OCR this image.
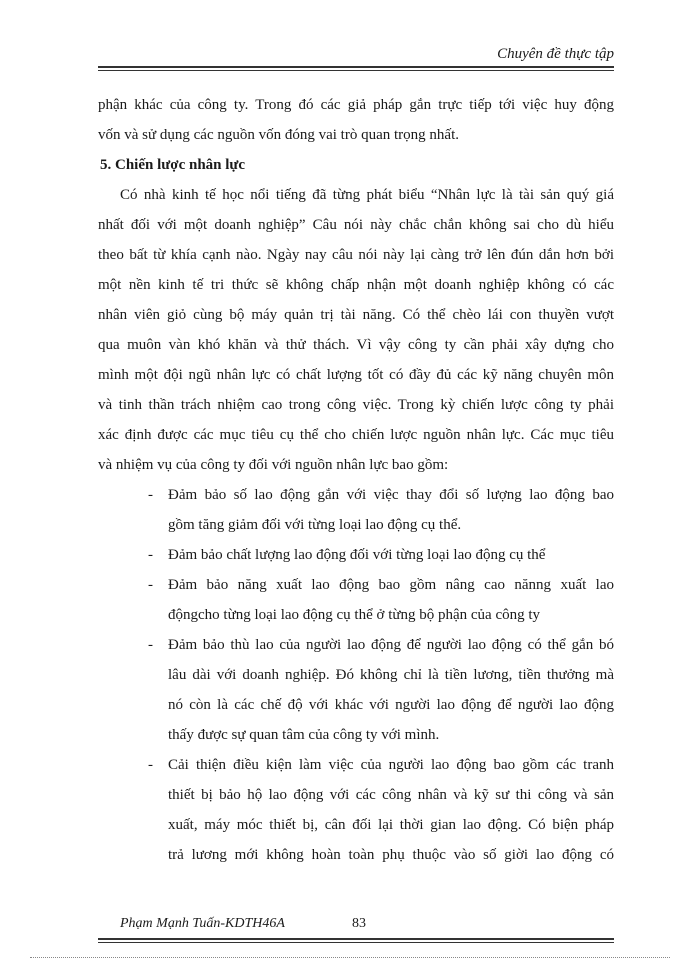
Chuyên đề thực tập

phận khác của công ty. Trong đó các giả pháp gắn trực tiếp tới việc huy động
vốn và sử dụng các nguồn vốn đóng vai trò quan trọng nhất.

5. Chiến lược nhân lực

Có nhà kinh tế học nổi tiếng đã từng phát biểu “Nhân lực là tài sản quý giá
nhất đối với một doanh nghiệp” Câu nói này chắc chắn không sai cho dù hiểu
theo bất từ khía cạnh nào. Ngày nay câu nói này lại càng trở lên đún dắn hơn bởi
một nền kinh tế tri thức sẽ không chấp nhận một doanh nghiệp không có các
nhân viên giỏ cùng bộ máy quản trị tài năng. Có thể chèo lái con thuyền vượt
qua muôn vàn khó khăn và thử thách. Vì vậy công ty cần phải xây dựng cho
mình một đội ngũ nhân lực có chất lượng tốt có đầy đủ các kỹ năng chuyên môn
và tinh thần trách nhiệm cao trong công việc. Trong kỳ chiến lược công ty phải
xác định được các mục tiêu cụ thể cho chiến lược nguồn nhân lực. Các mục tiêu
và nhiệm vụ của công ty đối với nguồn nhân lực bao gồm:

- Đảm bảo số lao động gắn với việc thay đổi số lượng lao động bao
gồm tăng giảm đối với từng loại lao động cụ thể.
- Đảm bảo chất lượng lao động đối với từng loại lao động cụ thể
- Đảm bảo năng xuất lao động bao gồm nâng cao nănng xuất lao
độngcho từng loại lao động cụ thể ở từng bộ phận của công ty
- Đảm bảo thù lao của người lao động để người lao động có thể gắn bó
lâu dài với doanh nghiệp. Đó không chỉ là tiền lương, tiền thưởng mà
nó còn là các chế độ với khác với người lao động để người lao động
thấy được sự quan tâm của công ty với mình.
- Cải thiện điều kiện làm việc của người lao động bao gồm các tranh
thiết bị bảo hộ lao động với các công nhân và kỹ sư thi công và sản
xuất, máy móc thiết bị, cân đối lại thời gian lao động. Có biện pháp
trả lương mới không hoàn toàn phụ thuộc vào số giời lao động có
Phạm Mạnh Tuấn-KDTH46A	83
